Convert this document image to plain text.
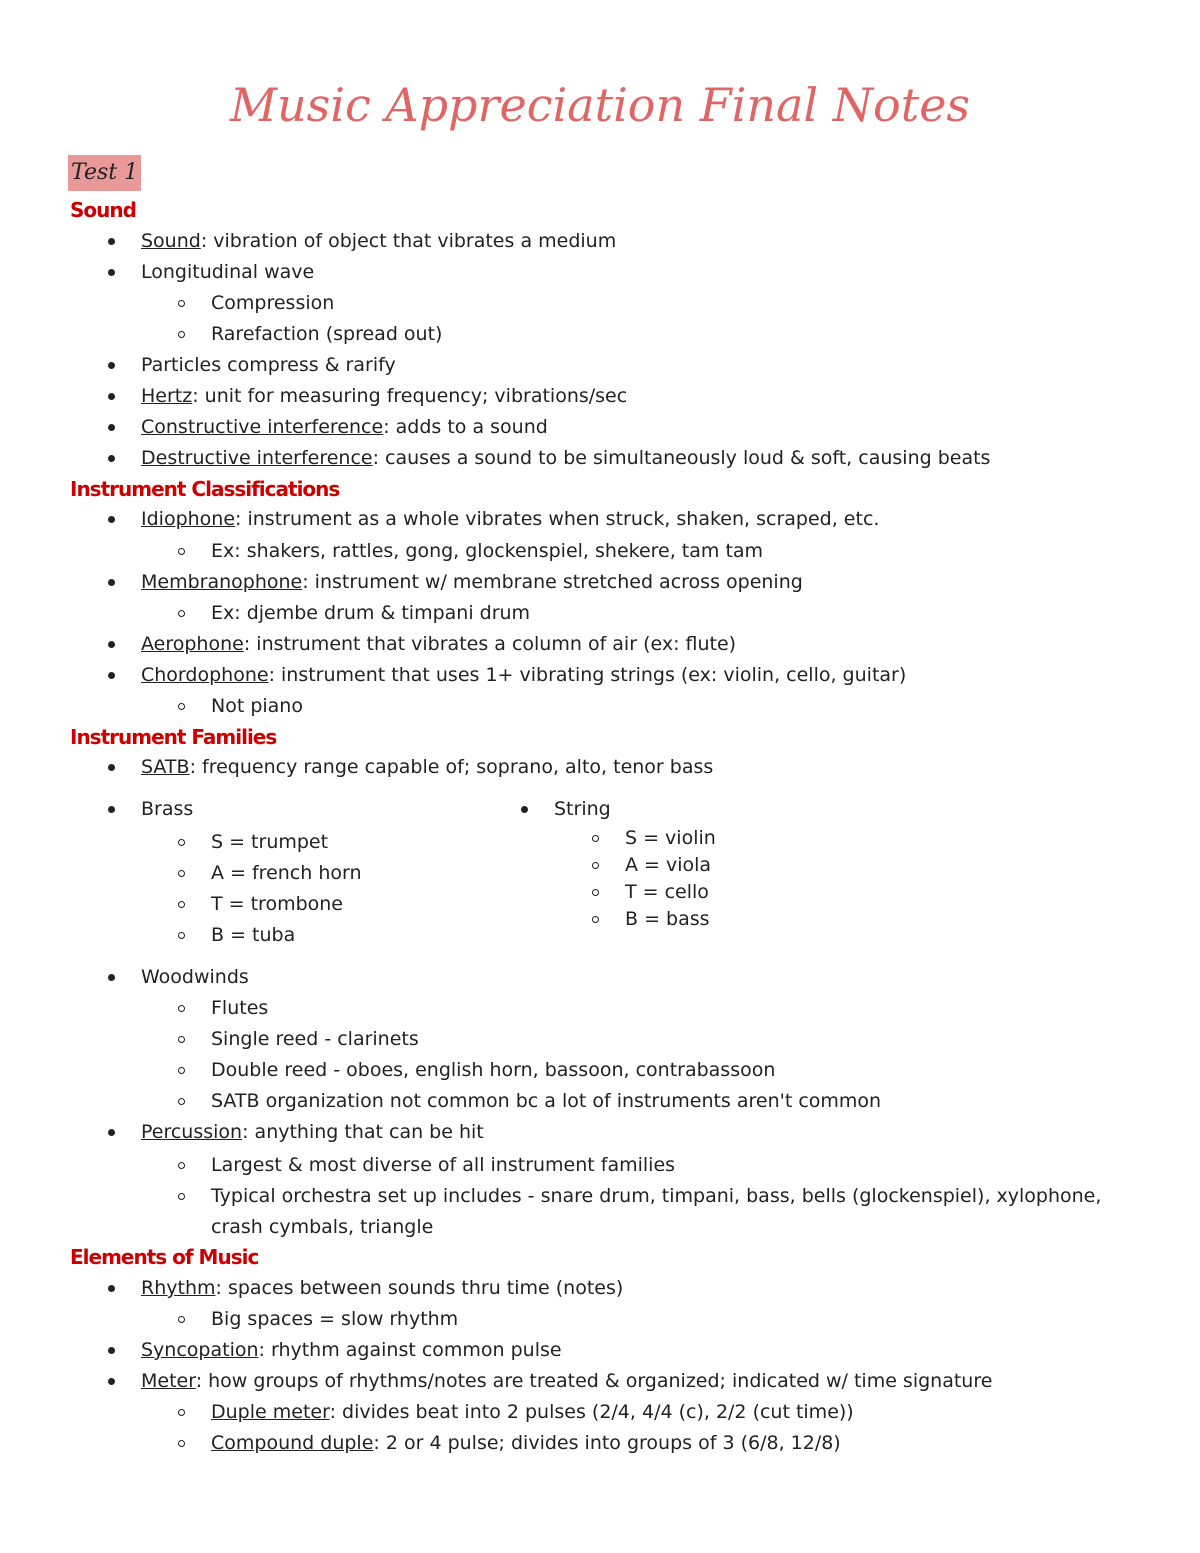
Music Appreciation Final Notes
Test 1
Sound
Sound: vibration of object that vibrates a medium
Longitudinal wave
Compression
Rarefaction (spread out)
Particles compress & rarify
Hertz: unit for measuring frequency; vibrations/sec
Constructive interference: adds to a sound
Destructive interference: causes a sound to be simultaneously loud & soft, causing beats
Instrument Classifications
Idiophone: instrument as a whole vibrates when struck, shaken, scraped, etc.
Ex: shakers, rattles, gong, glockenspiel, shekere, tam tam
Membranophone: instrument w/ membrane stretched across opening
Ex: djembe drum & timpani drum
Aerophone: instrument that vibrates a column of air (ex: flute)
Chordophone: instrument that uses 1+ vibrating strings (ex: violin, cello, guitar)
Not piano
Instrument Families
SATB: frequency range capable of; soprano, alto, tenor bass
Brass
S = trumpet
A = french horn
T = trombone
B = tuba
String
S = violin
A = viola
T = cello
B = bass
Woodwinds
Flutes
Single reed - clarinets
Double reed - oboes, english horn, bassoon, contrabassoon
SATB organization not common bc a lot of instruments aren't common
Percussion: anything that can be hit
Largest & most diverse of all instrument families
Typical orchestra set up includes - snare drum, timpani, bass, bells (glockenspiel), xylophone,
crash cymbals, triangle
Elements of Music
Rhythm: spaces between sounds thru time (notes)
Big spaces = slow rhythm
Syncopation: rhythm against common pulse
Meter: how groups of rhythms/notes are treated & organized; indicated w/ time signature
Duple meter: divides beat into 2 pulses (2/4, 4/4 (c), 2/2 (cut time))
Compound duple: 2 or 4 pulse; divides into groups of 3 (6/8, 12/8)
